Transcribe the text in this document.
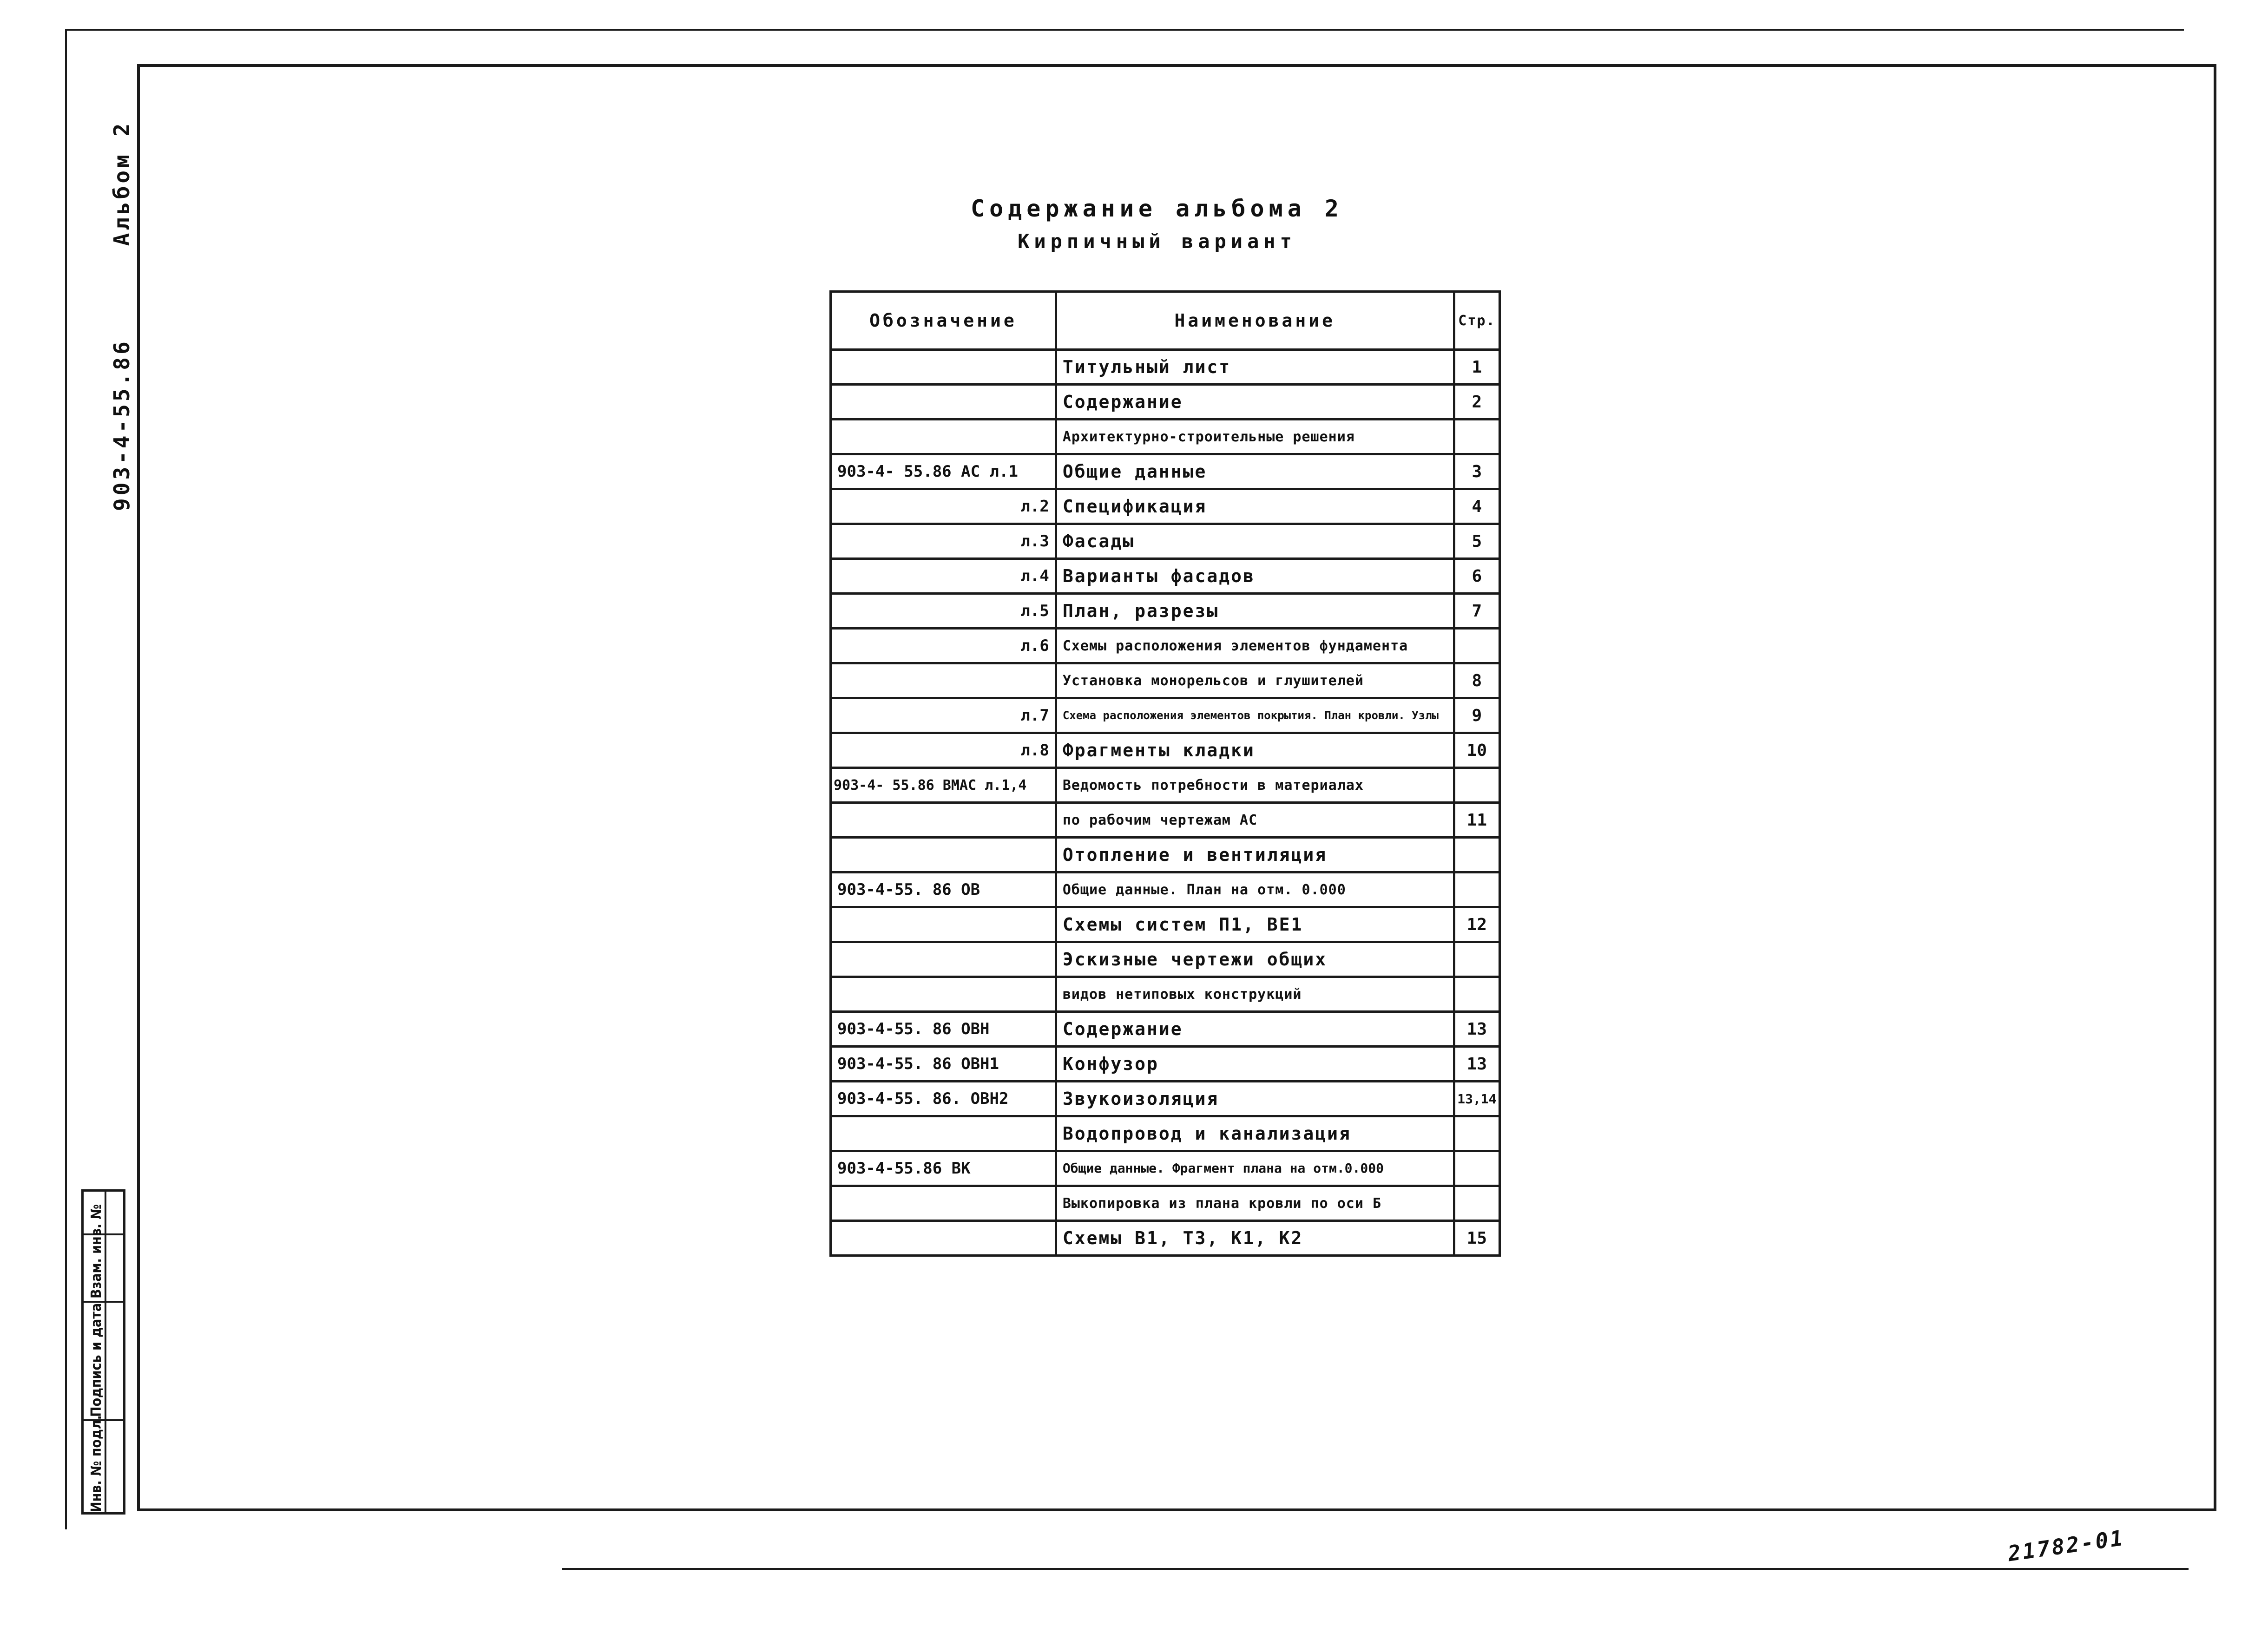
903-4-55.86Альбом 2	Содержание альбома 2
Кирпичный вариант
Обозначение	Наименование	Стр.
	Титульный лист	1
	Содержание	2
	Архитектурно-строительные решения	
903-4- 55.86 АС л.1	Общие данные	3
л.2	Спецификация	4
л.3	Фасады	5
л.4	Варианты фасадов	6
л.5	План, разрезы	7
л.6	Схемы расположения элементов фундамента	
	Установка монорельсов и глушителей	8
л.7	Схема расположения элементов покрытия. План кровли. Узлы	9
л.8	Фрагменты кладки	10
903-4- 55.86 ВМАС л.1,4	Ведомость потребности в материалах	
	по рабочим чертежам АС	11
	Отопление и вентиляция	
903-4-55. 86 ОВ	Общие данные. План на отм. 0.000	
	Схемы систем П1, ВЕ1	12
	Эскизные чертежи общих	
	видов нетиповых конструкций	
903-4-55. 86 ОВН	Содержание	13
903-4-55. 86 ОВН1	Конфузор	13
903-4-55. 86. ОВН2	Звукоизоляция	13,14
	Водопровод и канализация	
903-4-55.86 ВК	Общие данные. Фрагмент плана на отм.0.000	
	Выкопировка из плана кровли по оси Б	
	Схемы В1, Т3, К1, К2	15
Взам. инв. №
Подпись и дата
Инв. № подл.
21782-01
